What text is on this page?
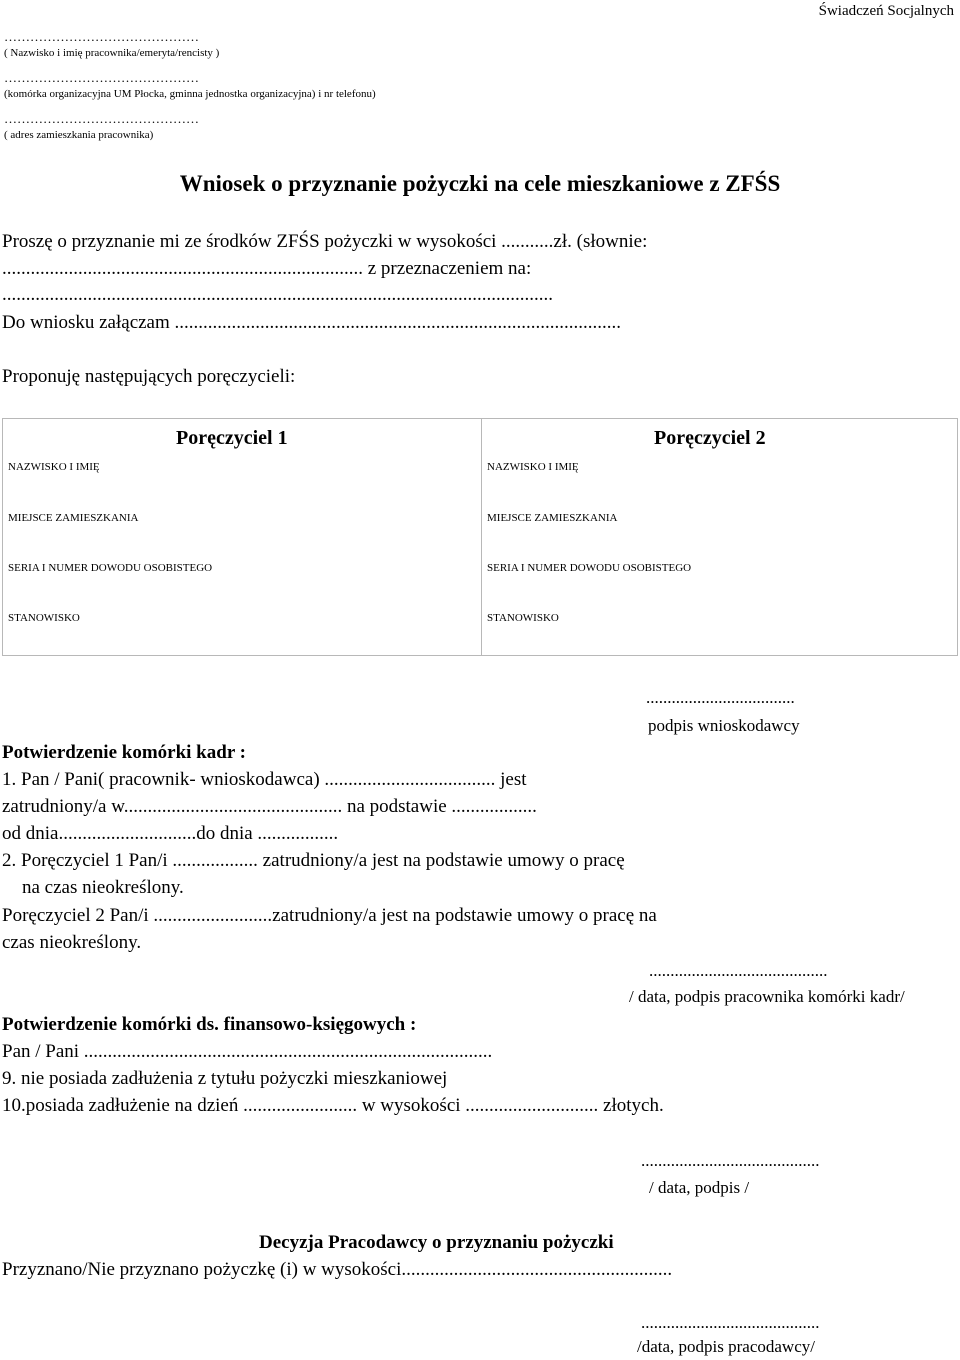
Świadczeń Socjalnych
………………………………………
( Nazwisko i imię pracownika/emeryta/rencisty )
………………………………………
(komórka organizacyjna UM Płocka, gminna jednostka organizacyjna) i nr telefonu)
………………………………………
( adres zamieszkania pracownika)
Wniosek o przyznanie pożyczki na cele mieszkaniowe z ZFŚS
Proszę o przyznanie mi ze środków ZFŚS pożyczki w wysokości ...........zł. (słownie:
............................................................................ z przeznaczeniem na:
....................................................................................................................
Do wniosku załączam ..............................................................................................
Proponuję następujących poręczycieli:
Poręczyciel 1
NAZWISKO I IMIĘ
MIEJSCE ZAMIESZKANIA
SERIA I NUMER DOWODU OSOBISTEGO
STANOWISKO
Poręczyciel 2
NAZWISKO I IMIĘ
MIEJSCE ZAMIESZKANIA
SERIA I NUMER DOWODU OSOBISTEGO
STANOWISKO
...................................
podpis wnioskodawcy
Potwierdzenie komórki kadr :
1. Pan / Pani( pracownik- wnioskodawca) .................................... jest
zatrudniony/a w.............................................. na podstawie ..................
od dnia.............................do dnia .................
2. Poręczyciel 1 Pan/i .................. zatrudniony/a jest na podstawie umowy o pracę
na czas nieokreślony.
Poręczyciel 2 Pan/i .........................zatrudniony/a jest na podstawie umowy o pracę na
czas nieokreślony.
..........................................
/ data, podpis pracownika komórki kadr/
Potwierdzenie komórki ds. finansowo-księgowych :
Pan / Pani ......................................................................................
9. nie posiada zadłużenia z tytułu pożyczki mieszkaniowej
10.posiada zadłużenie na dzień ........................ w wysokości ............................ złotych.
..........................................
/ data, podpis /
Decyzja Pracodawcy o przyznaniu pożyczki
Przyznano/Nie przyznano pożyczkę (i) w wysokości.........................................................
..........................................
/data, podpis pracodawcy/
